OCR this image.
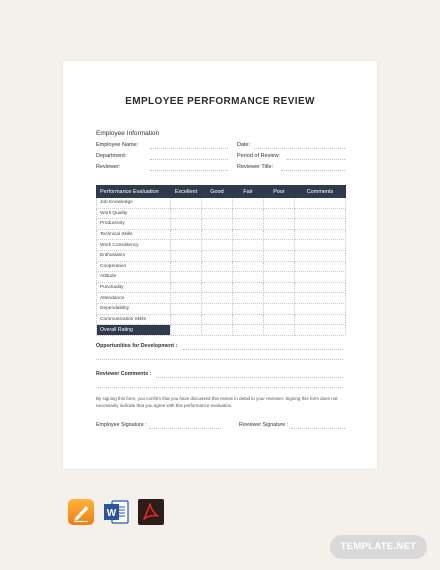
EMPLOYEE PERFORMANCE REVIEW
Employee Information
Employee Name:	Date:
Department:	Period of Review:
Reviewer:	Reviewer Title:
Performance Evaluation	Excellent	Good	Fair	Poor	Comments
Job Knowledge					
Work Quality					
Productivity					
Technical Skills					
Work Consistency					
Enthusiasm					
Cooperation					
Attitude					
Punctuality					
Attendance					
Dependability					
Communication Skills					
Overall Rating					
Opportunities for Development :
Reviewer Comments :
By signing this form, you confirm that you have discussed this review in detail to your reviewer. Signing this form does not necessarily indicate that you agree with this performance evaluation.
Employee Signature :	Reviewer Signature :
W
TEMPLATE.NET
